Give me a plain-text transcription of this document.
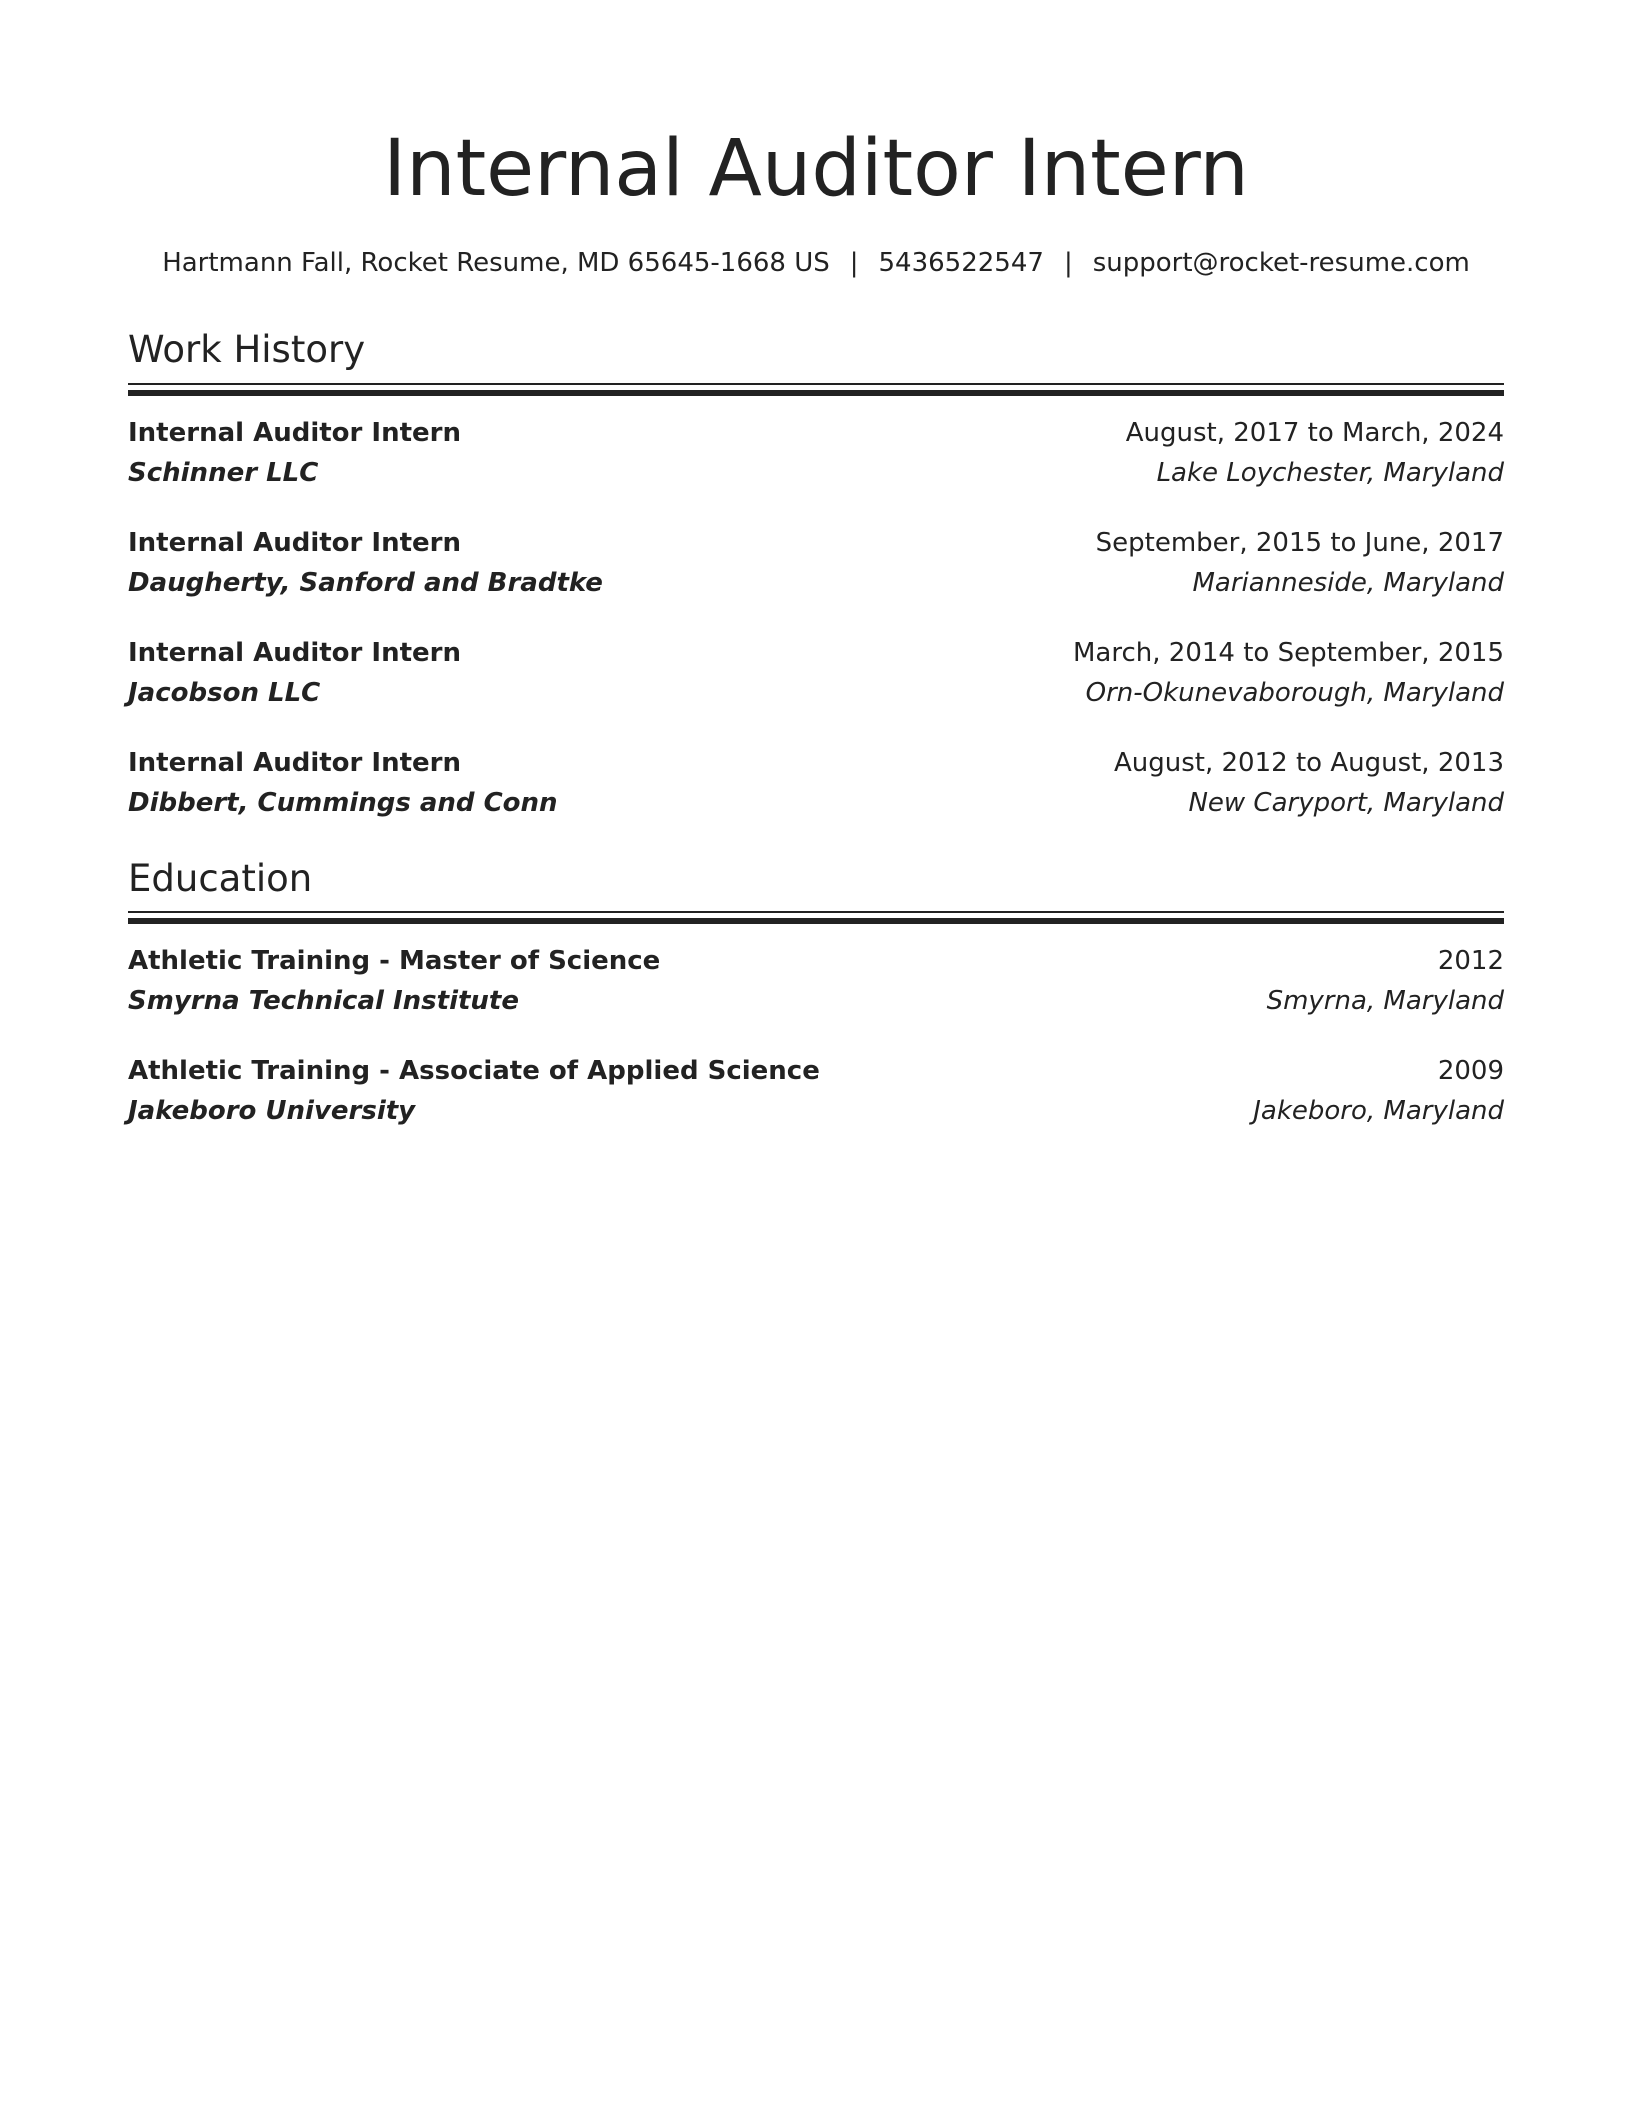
Internal Auditor Intern
Hartmann Fall, Rocket Resume, MD 65645-1668 US | 5436522547 | support@rocket-resume.com
Work History
Internal Auditor Intern	August, 2017 to March, 2024
Schinner LLC	Lake Loychester, Maryland
Internal Auditor Intern	September, 2015 to June, 2017
Daugherty, Sanford and Bradtke	Marianneside, Maryland
Internal Auditor Intern	March, 2014 to September, 2015
Jacobson LLC	Orn-Okunevaborough, Maryland
Internal Auditor Intern	August, 2012 to August, 2013
Dibbert, Cummings and Conn	New Caryport, Maryland
Education
Athletic Training - Master of Science	2012
Smyrna Technical Institute	Smyrna, Maryland
Athletic Training - Associate of Applied Science	2009
Jakeboro University	Jakeboro, Maryland
